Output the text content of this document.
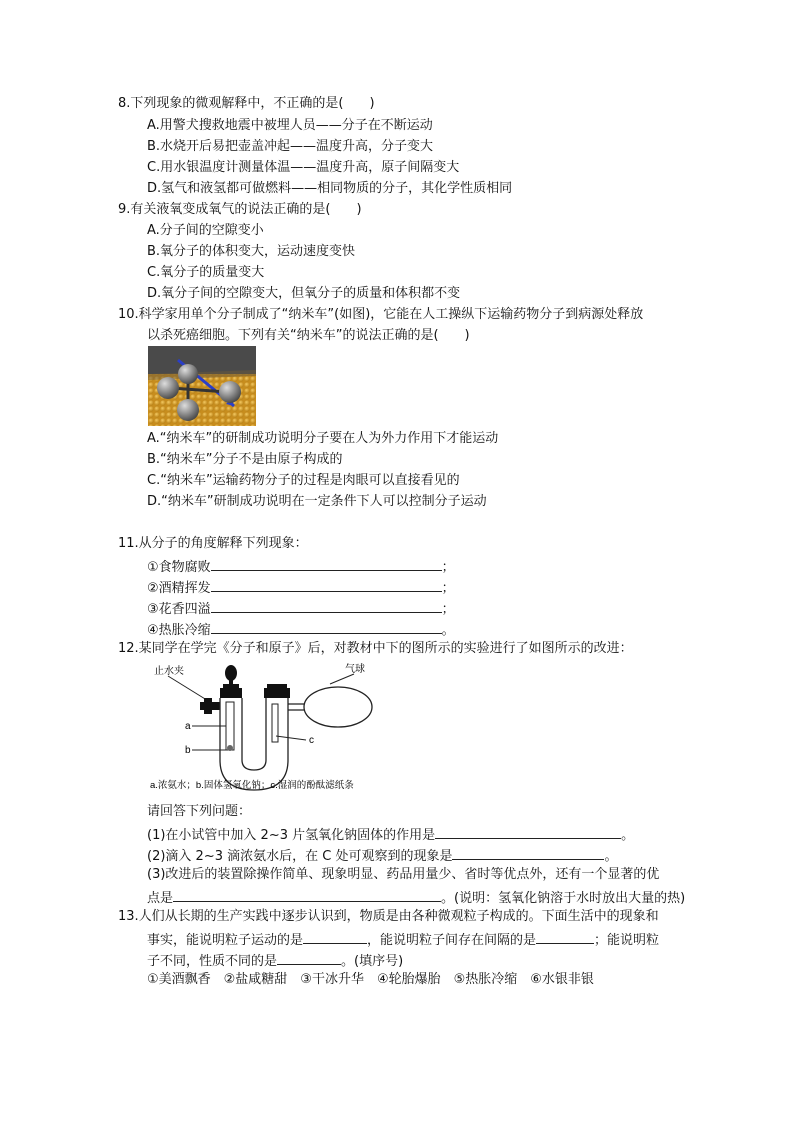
8.下列现象的微观解释中，不正确的是(　　)
A.用警犬搜救地震中被埋人员——分子在不断运动
B.水烧开后易把壶盖冲起——温度升高，分子变大
C.用水银温度计测量体温——温度升高，原子间隔变大
D.氢气和液氢都可做燃料——相同物质的分子，其化学性质相同
9.有关液氧变成氧气的说法正确的是(　　)
A.分子间的空隙变小
B.氧分子的体积变大，运动速度变快
C.氧分子的质量变大
D.氧分子间的空隙变大，但氧分子的质量和体积都不变
10.科学家用单个分子制成了“纳米车”(如图)，它能在人工操纵下运输药物分子到病源处释放
以杀死癌细胞。下列有关“纳米车”的说法正确的是(　　)
A.“纳米车”的研制成功说明分子要在人为外力作用下才能运动
B.“纳米车”分子不是由原子构成的
C.“纳米车”运输药物分子的过程是肉眼可以直接看见的
D.“纳米车”研制成功说明在一定条件下人可以控制分子运动
11.从分子的角度解释下列现象：
①食物腐败	；
②酒精挥发	；
③花香四溢	；
④热胀冷缩	。
12.某同学在学完《分子和原子》后，对教材中下的图所示的实验进行了如图所示的改进：
止水夹	气球
a
b
c
a.浓氨水；b.固体氢氧化钠；c.湿润的酚酞滤纸条
请回答下列问题：
(1)在小试管中加入 2~3 片氢氧化钠固体的作用是	。
(2)滴入 2~3 滴浓氨水后，在 C 处可观察到的现象是	。
(3)改进后的装置除操作简单、现象明显、药品用量少、省时等优点外，还有一个显著的优
点是	。(说明：氢氧化钠溶于水时放出大量的热)
13.人们从长期的生产实践中逐步认识到，物质是由各种微观粒子构成的。下面生活中的现象和
事实，能说明粒子运动的是	，能说明粒子间存在间隔的是	；能说明粒
子不同，性质不同的是	。(填序号)
①美酒飘香　②盐咸糖甜　③干冰升华　④轮胎爆胎　⑤热胀冷缩　⑥水银非银
